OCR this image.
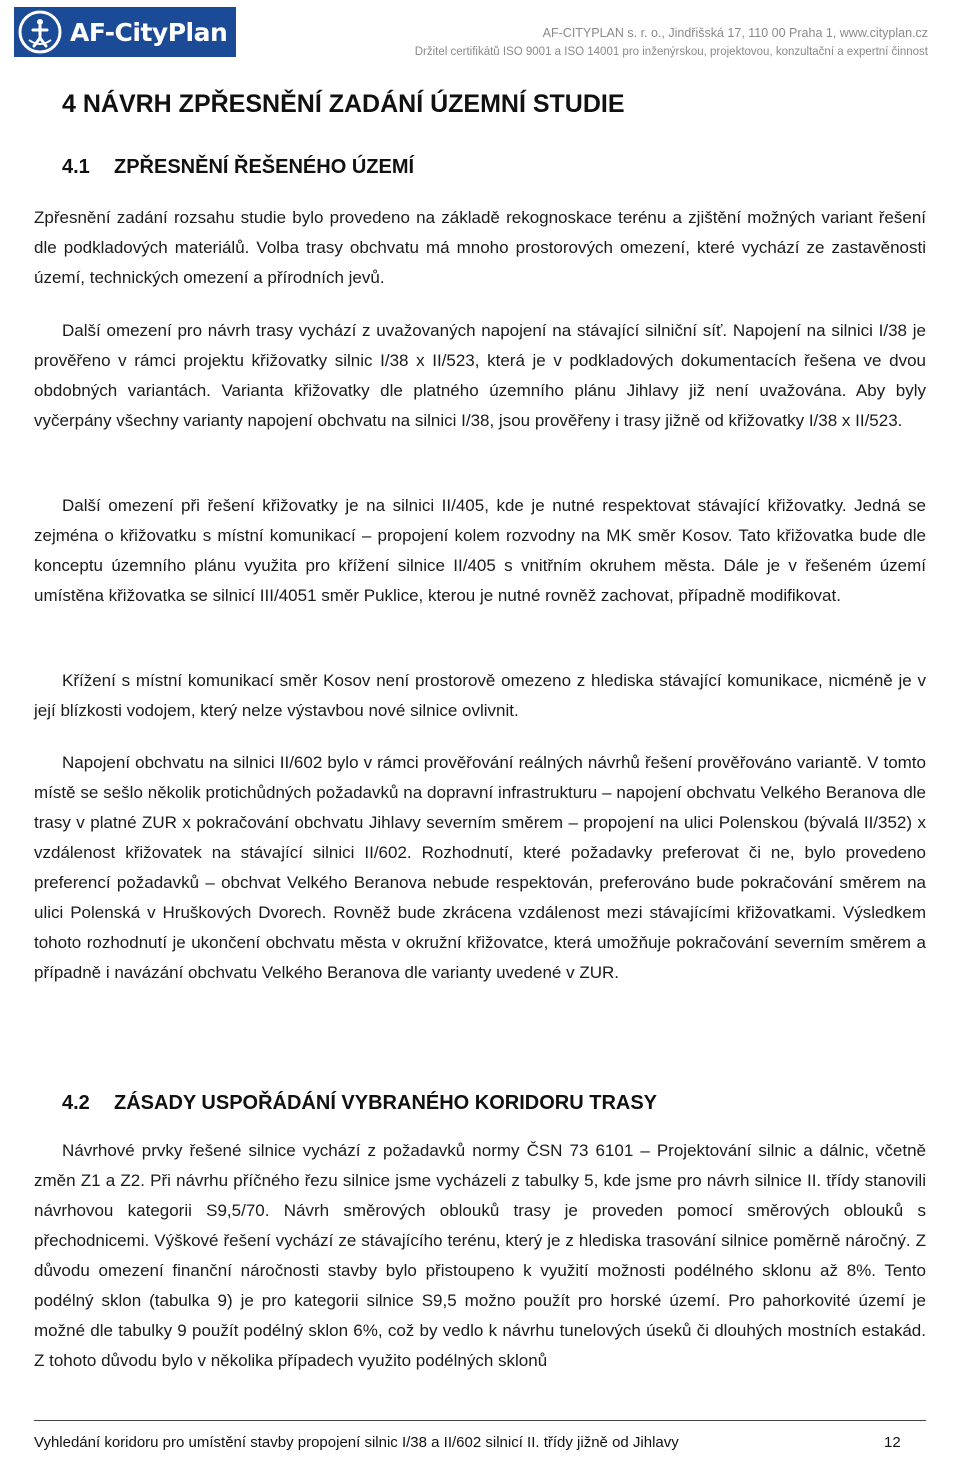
AF-CityPlan	AF-CITYPLAN s. r. o., Jindřišská 17, 110 00 Praha 1, www.cityplan.cz
Držitel certifikátů ISO 9001 a ISO 14001 pro inženýrskou, projektovou, konzultační a expertní činnost
4 NÁVRH ZPŘESNĚNÍ ZADÁNÍ ÚZEMNÍ STUDIE
4.1 ZPŘESNĚNÍ ŘEŠENÉHO ÚZEMÍ

Zpřesnění zadání rozsahu studie bylo provedeno na základě rekognoskace terénu a zjištění možných variant řešení dle podkladových materiálů. Volba trasy obchvatu má mnoho prostorových omezení, které vychází ze zastavěnosti území, technických omezení a přírodních jevů.

Další omezení pro návrh trasy vychází z uvažovaných napojení na stávající silniční síť. Napojení na silnici I/38 je prověřeno v rámci projektu křižovatky silnic I/38 x II/523, která je v podkladových dokumentacích řešena ve dvou obdobných variantách. Varianta křižovatky dle platného územního plánu Jihlavy již není uvažována. Aby byly vyčerpány všechny varianty napojení obchvatu na silnici I/38, jsou prověřeny i trasy jižně od křižovatky I/38 x II/523.

Další omezení při řešení křižovatky je na silnici II/405, kde je nutné respektovat stávající křižovatky. Jedná se zejména o křižovatku s místní komunikací – propojení kolem rozvodny na MK směr Kosov. Tato křižovatka bude dle konceptu územního plánu využita pro křížení silnice II/405 s vnitřním okruhem města. Dále je v řešeném území umístěna křižovatka se silnicí III/4051 směr Puklice, kterou je nutné rovněž zachovat, případně modifikovat.

Křížení s místní komunikací směr Kosov není prostorově omezeno z hlediska stávající komunikace, nicméně je v její blízkosti vodojem, který nelze výstavbou nové silnice ovlivnit.

Napojení obchvatu na silnici II/602 bylo v rámci prověřování reálných návrhů řešení prověřováno variantě. V tomto místě se sešlo několik protichůdných požadavků na dopravní infrastrukturu – napojení obchvatu Velkého Beranova dle trasy v platné ZUR x pokračování obchvatu Jihlavy severním směrem – propojení na ulici Polenskou (bývalá II/352) x vzdálenost křižovatek na stávající silnici II/602. Rozhodnutí, které požadavky preferovat či ne, bylo provedeno preferencí požadavků – obchvat Velkého Beranova nebude respektován, preferováno bude pokračování směrem na ulici Polenská v Hruškových Dvorech. Rovněž bude zkrácena vzdálenost mezi stávajícími křižovatkami. Výsledkem tohoto rozhodnutí je ukončení obchvatu města v okružní křižovatce, která umožňuje pokračování severním směrem a případně i navázání obchvatu Velkého Beranova dle varianty uvedené v ZUR.

4.2 ZÁSADY USPOŘÁDÁNÍ VYBRANÉHO KORIDORU TRASY

Návrhové prvky řešené silnice vychází z požadavků normy ČSN 73 6101 – Projektování silnic a dálnic, včetně změn Z1 a Z2. Při návrhu příčného řezu silnice jsme vycházeli z tabulky 5, kde jsme pro návrh silnice II. třídy stanovili návrhovou kategorii S9,5/70. Návrh směrových oblouků trasy je proveden pomocí směrových oblouků s přechodnicemi. Výškové řešení vychází ze stávajícího terénu, který je z hlediska trasování silnice poměrně náročný. Z důvodu omezení finanční náročnosti stavby bylo přistoupeno k využití možnosti podélného sklonu až 8%. Tento podélný sklon (tabulka 9) je pro kategorii silnice S9,5 možno použít pro horské území. Pro pahorkovité území je možné dle tabulky 9 použít podélný sklon 6%, což by vedlo k návrhu tunelových úseků či dlouhých mostních estakád. Z tohoto důvodu bylo v několika případech využito podélných sklonů

Vyhledání koridoru pro umístění stavby propojení silnic I/38 a II/602 silnicí II. třídy jižně od Jihlavy	12
